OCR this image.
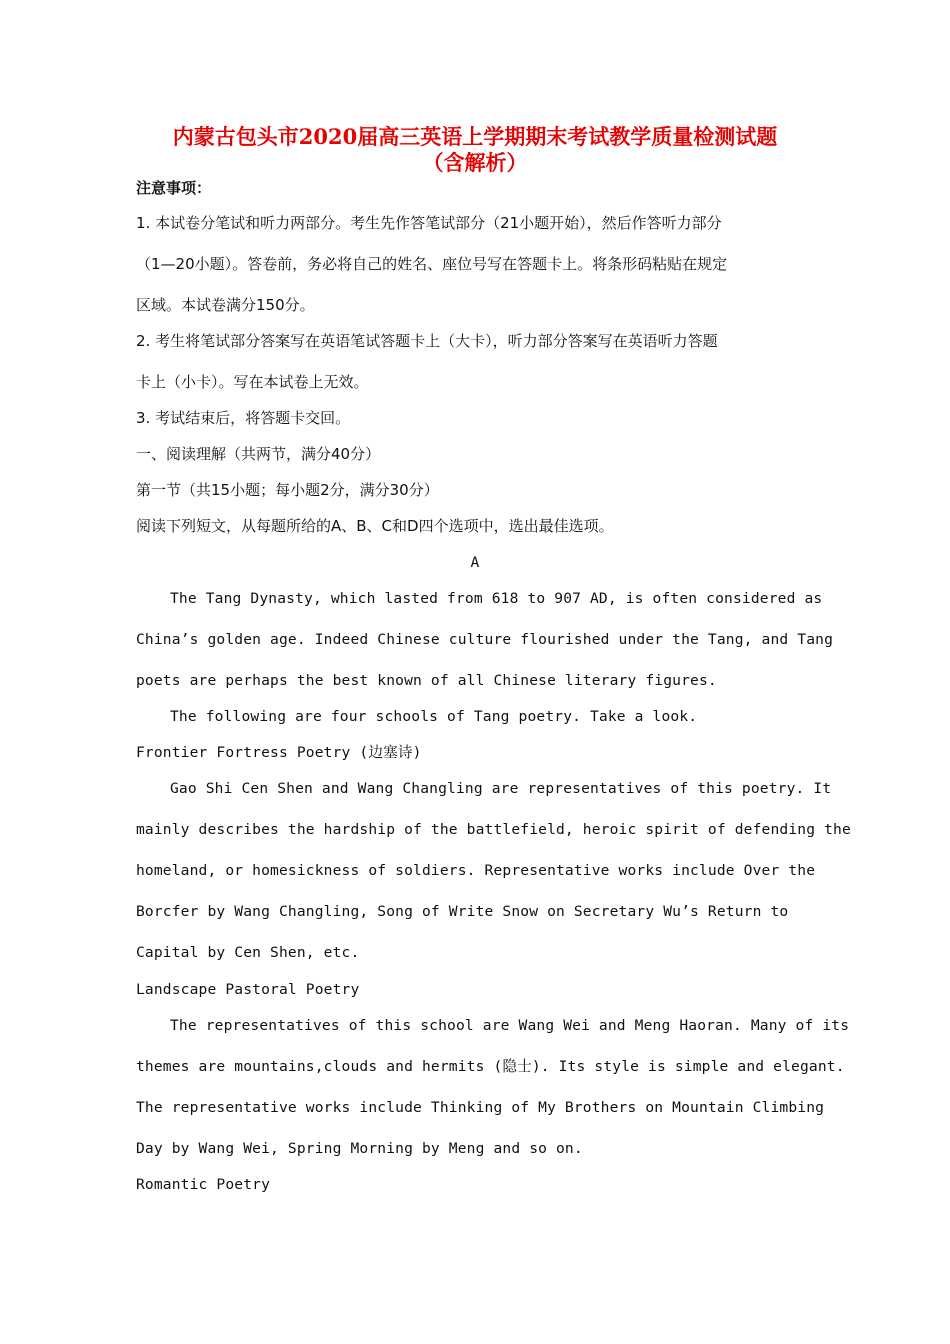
内蒙古包头市2020届高三英语上学期期末考试教学质量检测试题
（含解析）
注意事项：
1. 本试卷分笔试和听力两部分。考生先作答笔试部分（21小题开始），然后作答听力部分
（1—20小题）。答卷前，务必将自己的姓名、座位号写在答题卡上。将条形码粘贴在规定
区域。本试卷满分150分。
2. 考生将笔试部分答案写在英语笔试答题卡上（大卡），听力部分答案写在英语听力答题
卡上（小卡）。写在本试卷上无效。
3. 考试结束后，将答题卡交回。
一、阅读理解（共两节，满分40分）
第一节（共15小题；每小题2分，满分30分）
阅读下列短文，从每题所给的A、B、C和D四个选项中，选出最佳选项。
A
The Tang Dynasty, which lasted from 618 to 907 AD, is often considered as
China’s golden age. Indeed Chinese culture flourished under the Tang, and Tang
poets are perhaps the best known of all Chinese literary figures.
The following are four schools of Tang poetry. Take a look.
Frontier Fortress Poetry (边塞诗)
Gao Shi Cen Shen and Wang Changling are representatives of this poetry. It
mainly describes the hardship of the battlefield, heroic spirit of defending the
homeland, or homesickness of soldiers. Representative works include Over the
Borcfer by Wang Changling, Song of Write Snow on Secretary Wu’s Return to
Capital by Cen Shen, etc.
Landscape Pastoral Poetry
The representatives of this school are Wang Wei and Meng Haoran. Many of its
themes are mountains,clouds and hermits (隐士). Its style is simple and elegant.
The representative works include Thinking of My Brothers on Mountain Climbing
Day by Wang Wei, Spring Morning by Meng and so on.
Romantic Poetry
